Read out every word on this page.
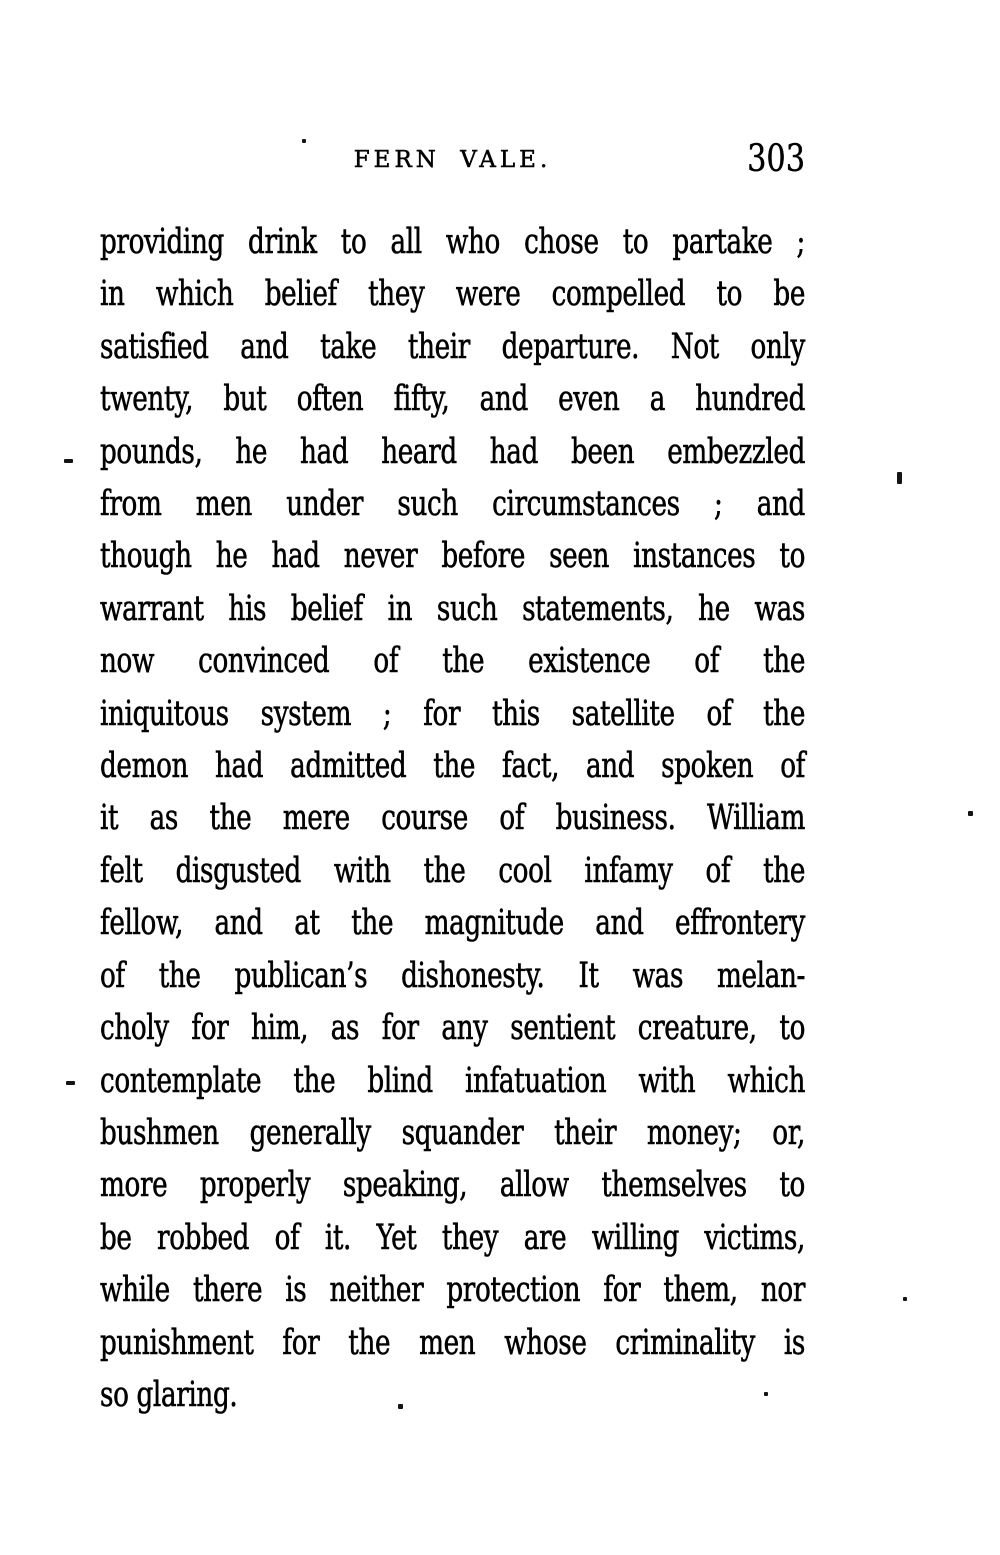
FERN VALE.	303
providing drink to all who chose to partake ;
in which belief they were compelled to be
satisfied and take their departure. Not only
twenty, but often fifty, and even a hundred
pounds, he had heard had been embezzled
from men under such circumstances ; and
though he had never before seen instances to
warrant his belief in such statements, he was
now convinced of the existence of the
iniquitous system ; for this satellite of the
demon had admitted the fact, and spoken of
it as the mere course of business. William
felt disgusted with the cool infamy of the
fellow, and at the magnitude and effrontery
of the publican’s dishonesty. It was melan-
choly for him, as for any sentient creature, to
contemplate the blind infatuation with which
bushmen generally squander their money; or,
more properly speaking, allow themselves to
be robbed of it. Yet they are willing victims,
while there is neither protection for them, nor
punishment for the men whose criminality is
so glaring.
